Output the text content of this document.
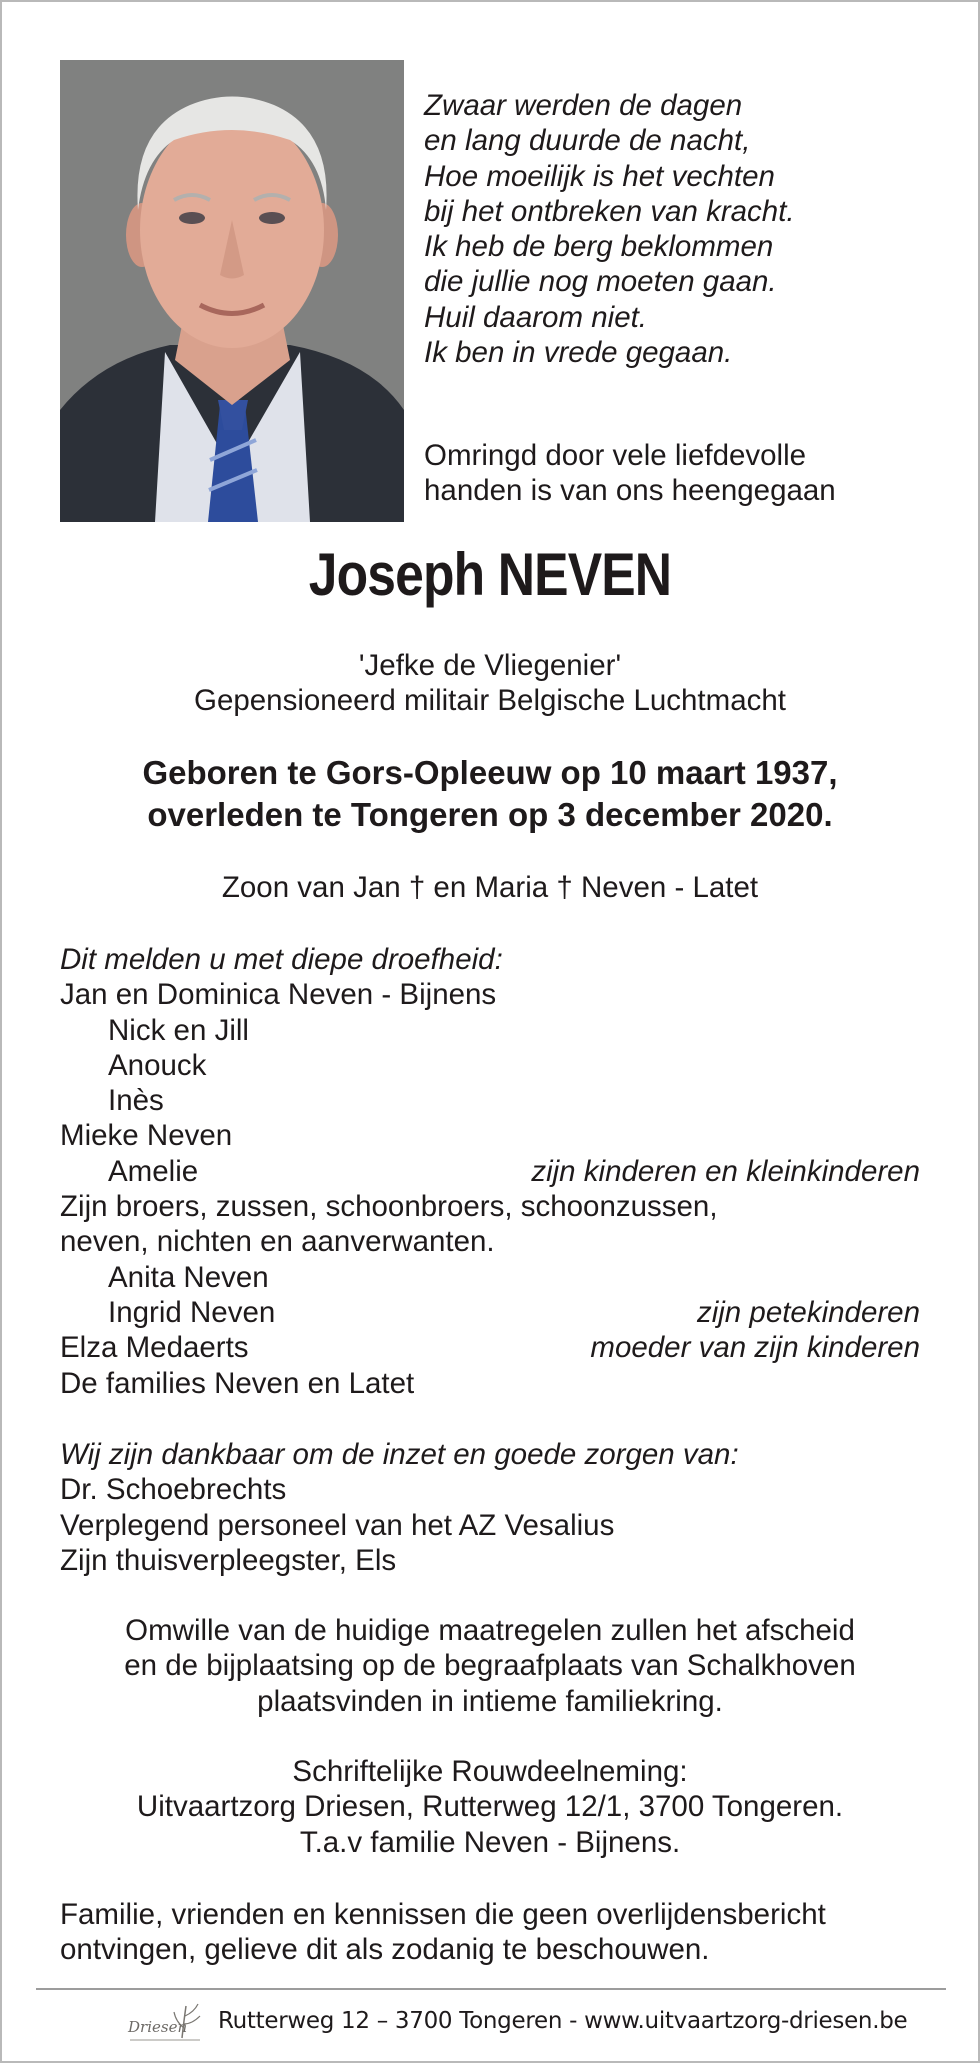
Zwaar werden de dagen
en lang duurde de nacht,
Hoe moeilijk is het vechten
bij het ontbreken van kracht.
Ik heb de berg beklommen
die jullie nog moeten gaan.
Huil daarom niet.
Ik ben in vrede gegaan.
Omringd door vele liefdevolle
handen is van ons heengegaan
Joseph NEVEN
'Jefke de Vliegenier'
Gepensioneerd militair Belgische Luchtmacht
Geboren te Gors-Opleeuw op 10 maart 1937,
overleden te Tongeren op 3 december 2020.
Zoon van Jan † en Maria † Neven - Latet
Dit melden u met diepe droefheid:
Jan en Dominica Neven - Bijnens
Nick en Jill
Anouck
Inès
Mieke Neven
Amelie	zijn kinderen en kleinkinderen
Zijn broers, zussen, schoonbroers, schoonzussen,
neven, nichten en aanverwanten.
Anita Neven
Ingrid Neven	zijn petekinderen
Elza Medaerts	moeder van zijn kinderen
De families Neven en Latet
Wij zijn dankbaar om de inzet en goede zorgen van:
Dr. Schoebrechts
Verplegend personeel van het AZ Vesalius
Zijn thuisverpleegster, Els
Omwille van de huidige maatregelen zullen het afscheid
en de bijplaatsing op de begraafplaats van Schalkhoven
plaatsvinden in intieme familiekring.
Schriftelijke Rouwdeelneming:
Uitvaartzorg Driesen, Rutterweg 12/1, 3700 Tongeren.
T.a.v familie Neven - Bijnens.
Familie, vrienden en kennissen die geen overlijdensbericht
ontvingen, gelieve dit als zodanig te beschouwen.
Driesen Rutterweg 12 – 3700 Tongeren - www.uitvaartzorg-driesen.be
